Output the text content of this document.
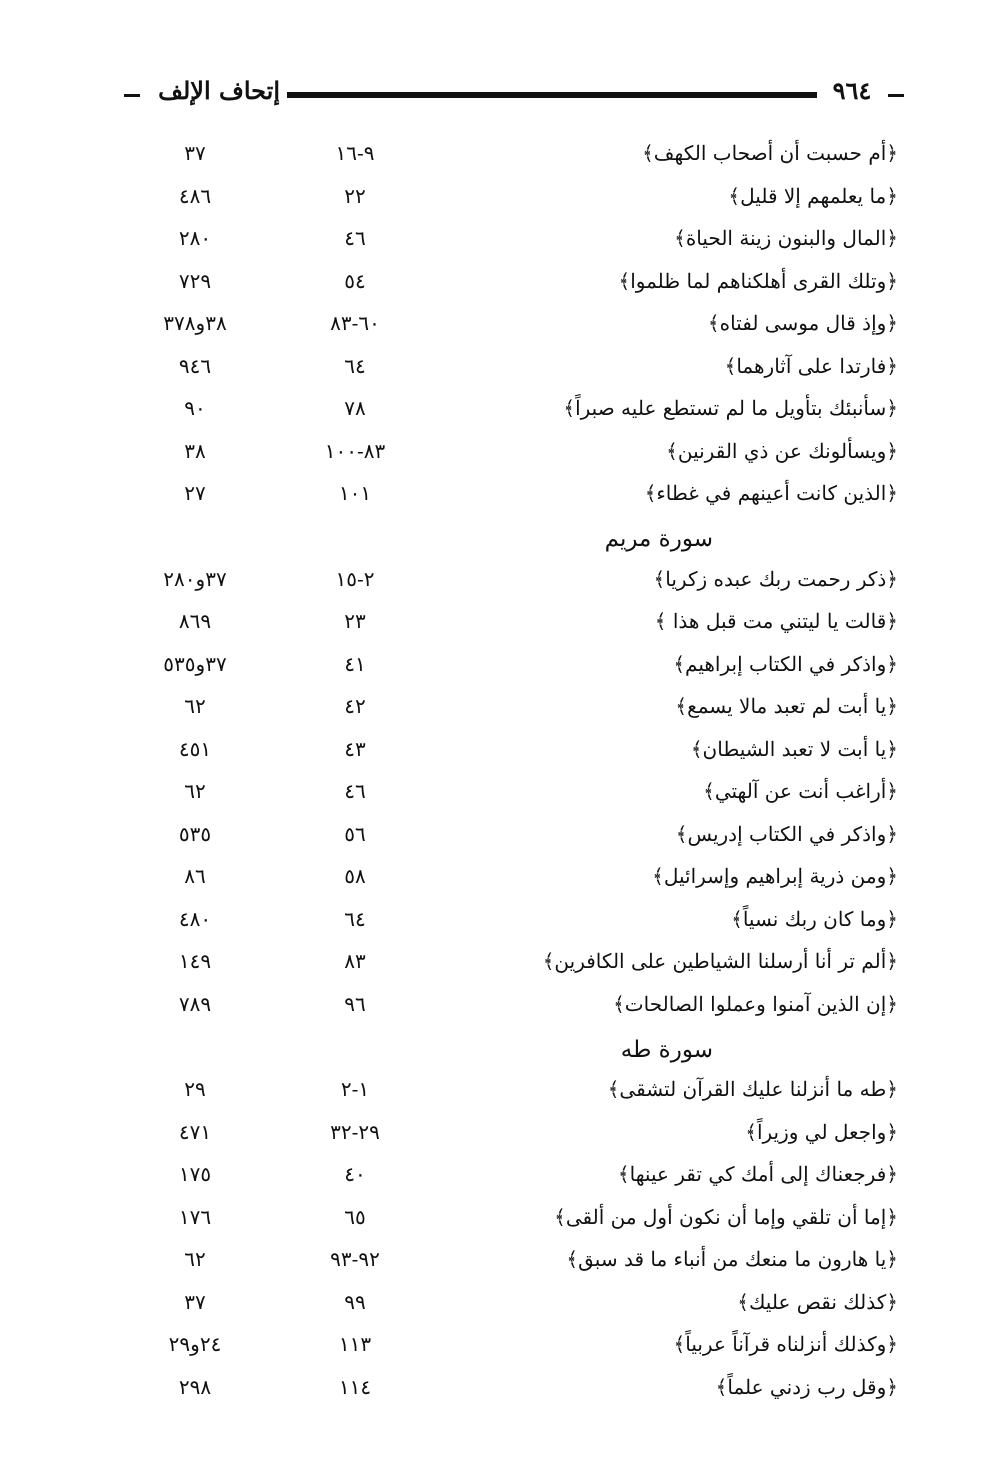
إتحاف الإلف	٩٦٤
﴿أم حسبت أن أصحاب الكهف﴾
٩-١٦
٣٧
﴿ما يعلمهم إلا قليل﴾
٢٢
٤٨٦
﴿المال والبنون زينة الحياة﴾
٤٦
٢٨٠
﴿وتلك القرى أهلكناهم لما ظلموا﴾
٥٤
٧٢٩
﴿وإذ قال موسى لفتاه﴾
٦٠-٨٣
٣٨و٣٧٨
﴿فارتدا على آثارهما﴾
٦٤
٩٤٦
﴿سأنبئك بتأويل ما لم تستطع عليه صبراً﴾
٧٨
٩٠
﴿ويسألونك عن ذي القرنين﴾
٨٣-١٠٠
٣٨
﴿الذين كانت أعينهم في غطاء﴾
١٠١
٢٧
سورة مريم
﴿ذكر رحمت ربك عبده زكريا﴾
٢-١٥
٣٧و٢٨٠
﴿قالت يا ليتني مت قبل هذا ﴾
٢٣
٨٦٩
﴿واذكر في الكتاب إبراهيم﴾
٤١
٣٧و٥٣٥
﴿يا أبت لم تعبد مالا يسمع﴾
٤٢
٦٢
﴿يا أبت لا تعبد الشيطان﴾
٤٣
٤٥١
﴿أراغب أنت عن آلهتي﴾
٤٦
٦٢
﴿واذكر في الكتاب إدريس﴾
٥٦
٥٣٥
﴿ومن ذرية إبراهيم وإسرائيل﴾
٥٨
٨٦
﴿وما كان ربك نسياً﴾
٦٤
٤٨٠
﴿ألم تر أنا أرسلنا الشياطين على الكافرين﴾
٨٣
١٤٩
﴿إن الذين آمنوا وعملوا الصالحات﴾
٩٦
٧٨٩
سورة طه
﴿طه ما أنزلنا عليك القرآن لتشقى﴾
١-٢
٢٩
﴿واجعل لي وزيراً﴾
٢٩-٣٢
٤٧١
﴿فرجعناك إلى أمك كي تقر عينها﴾
٤٠
١٧٥
﴿إما أن تلقي وإما أن نكون أول من ألقى﴾
٦٥
١٧٦
﴿يا هارون ما منعك من أنباء ما قد سبق﴾
٩٢-٩٣
٦٢
﴿كذلك نقص عليك﴾
٩٩
٣٧
﴿وكذلك أنزلناه قرآناً عربياً﴾
١١٣
٢٤و٢٩
﴿وقل رب زدني علماً﴾
١١٤
٢٩٨
